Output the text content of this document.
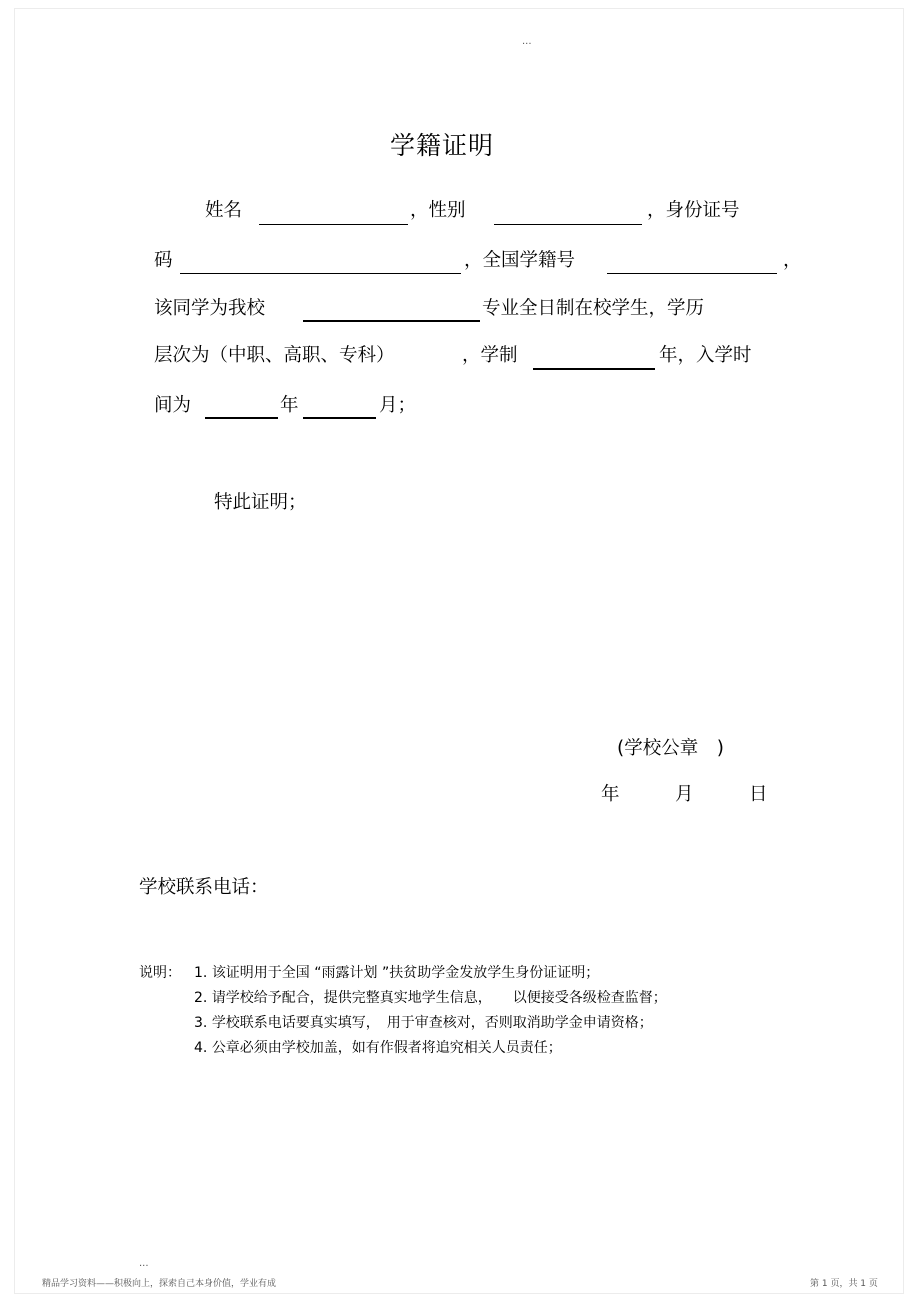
...
学籍证明
姓名	，性别	，身份证号
码	，全国学籍号	，
该同学为我校	专业全日制在校学生，学历
层次为（中职、高职、专科）	，学制	年，入学时
间为	年	月；
特此证明；
(学校公章　)
年	月	日
学校联系电话：
说明： 1. 该证明用于全国 “雨露计划 ”扶贫助学金发放学生身份证证明；
2. 请学校给予配合，提供完整真实地学生信息，　　以便接受各级检查监督；
3. 学校联系电话要真实填写，　用于审查核对，否则取消助学金申请资格；
4. 公章必须由学校加盖，如有作假者将追究相关人员责任；
...
精品学习资料——积极向上，探索自己本身价值，学业有成	第 1 页，共 1 页
